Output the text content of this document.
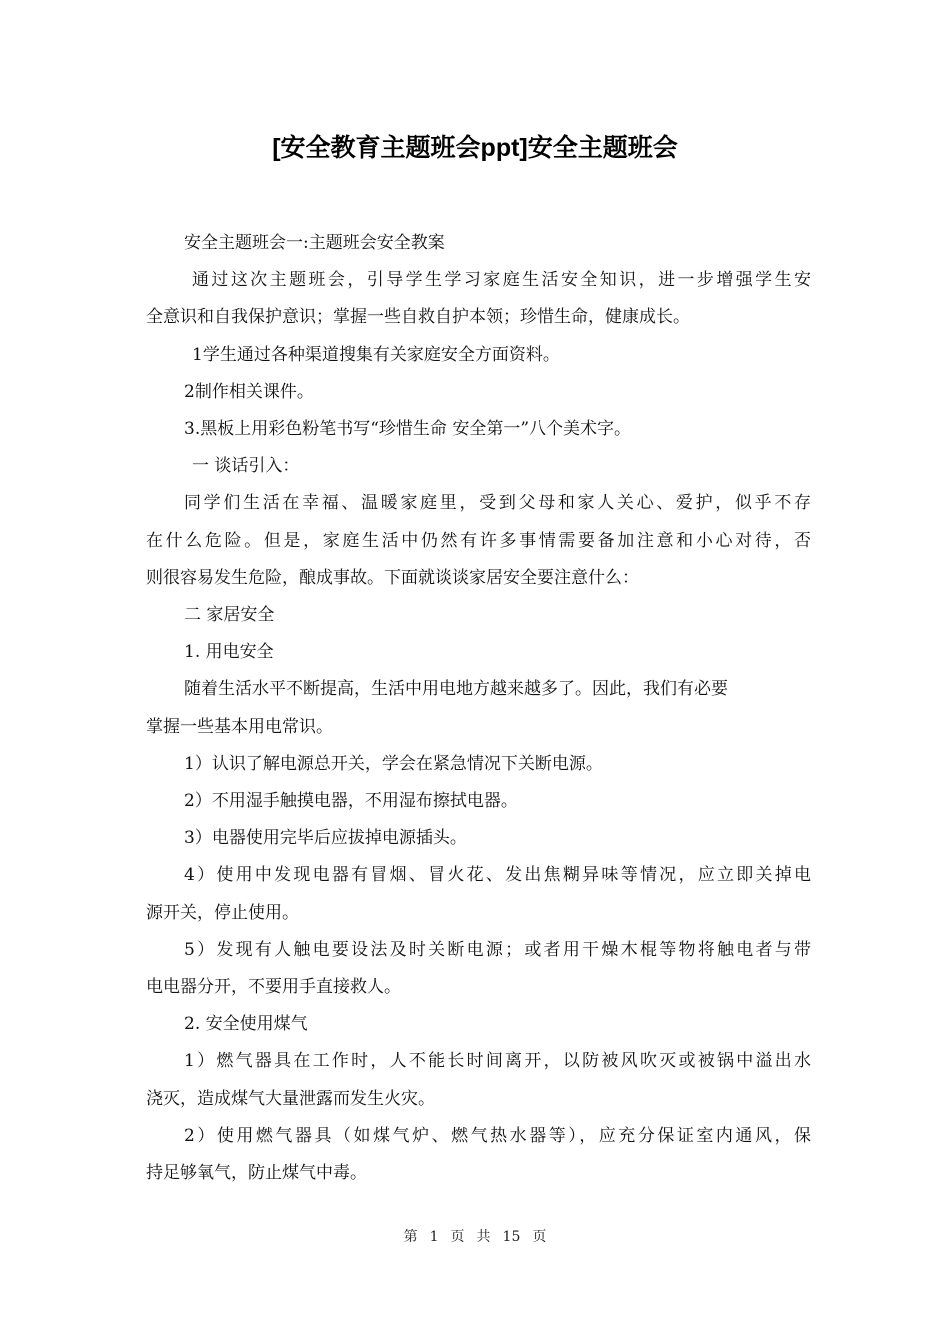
[安全教育主题班会ppt]安全主题班会
安全主题班会一:主题班会安全教案
通过这次主题班会，引导学生学习家庭生活安全知识，进一步增强学生安
全意识和自我保护意识；掌握一些自救自护本领；珍惜生命，健康成长。
1学生通过各种渠道搜集有关家庭安全方面资料。
2制作相关课件。
3.黑板上用彩色粉笔书写“珍惜生命 安全第一”八个美术字。
一 谈话引入：
同学们生活在幸福、温暖家庭里，受到父母和家人关心、爱护，似乎不存
在什么危险。但是，家庭生活中仍然有许多事情需要备加注意和小心对待，否
则很容易发生危险，酿成事故。下面就谈谈家居安全要注意什么：
二 家居安全
1. 用电安全
随着生活水平不断提高，生活中用电地方越来越多了。因此，我们有必要
掌握一些基本用电常识。
1）认识了解电源总开关，学会在紧急情况下关断电源。
2）不用湿手触摸电器，不用湿布擦拭电器。
3）电器使用完毕后应拔掉电源插头。
4）使用中发现电器有冒烟、冒火花、发出焦糊异味等情况，应立即关掉电
源开关，停止使用。
5）发现有人触电要设法及时关断电源；或者用干燥木棍等物将触电者与带
电电器分开，不要用手直接救人。
2. 安全使用煤气
1）燃气器具在工作时，人不能长时间离开，以防被风吹灭或被锅中溢出水
浇灭，造成煤气大量泄露而发生火灾。
2）使用燃气器具（如煤气炉、燃气热水器等），应充分保证室内通风，保
持足够氧气，防止煤气中毒。
第 1 页 共 15 页
